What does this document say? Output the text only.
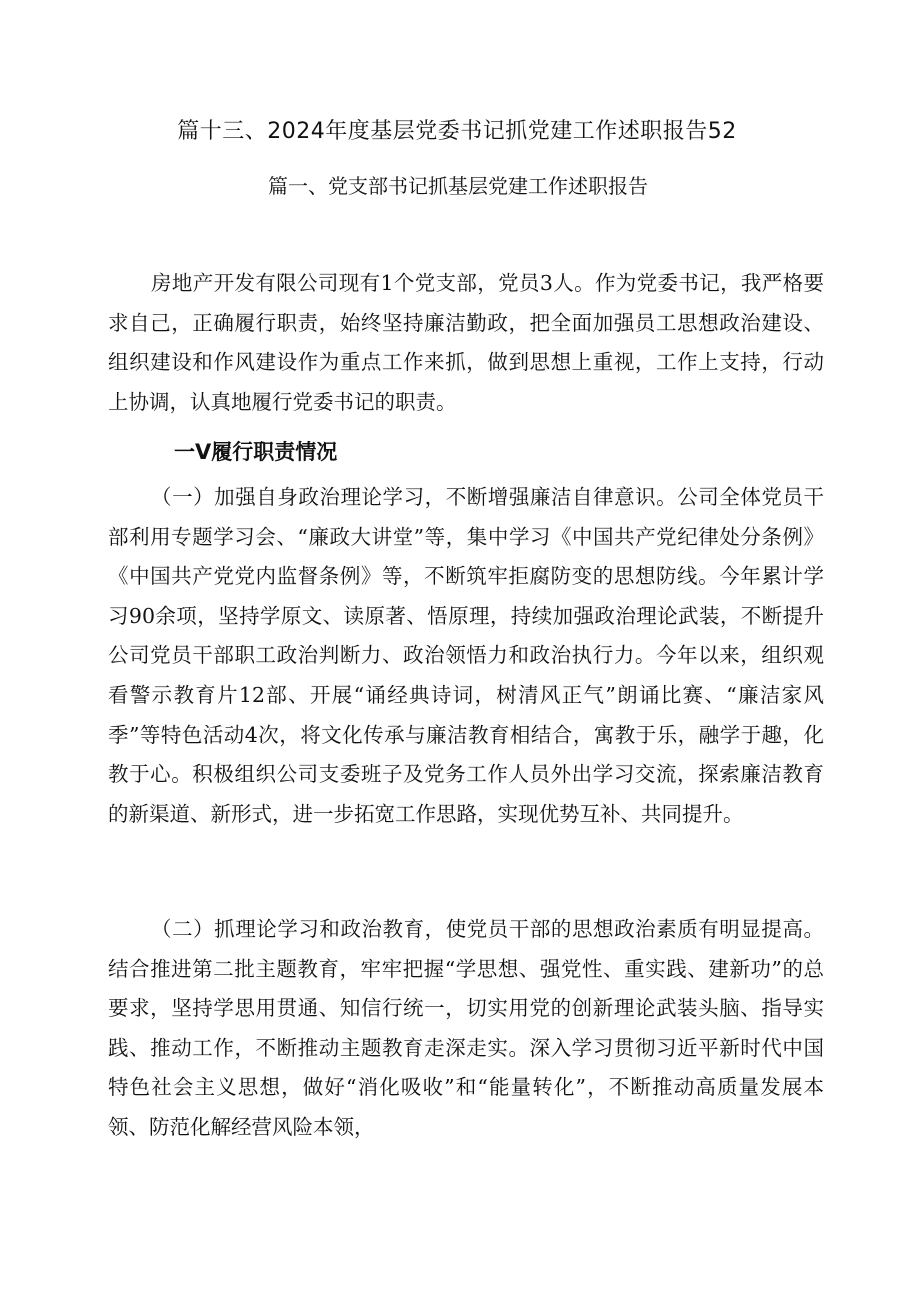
篇十三、2024年度基层党委书记抓党建工作述职报告52
篇一、党支部书记抓基层党建工作述职报告

房地产开发有限公司现有1个党支部，党员3人。作为党委书记，我严格要求自己，正确履行职责，始终坚持廉洁勤政，把全面加强员工思想政治建设、组织建设和作风建设作为重点工作来抓，做到思想上重视，工作上支持，行动上协调，认真地履行党委书记的职责。

一V履行职责情况

（一）加强自身政治理论学习，不断增强廉洁自律意识。公司全体党员干部利用专题学习会、“廉政大讲堂”等，集中学习《中国共产党纪律处分条例》《中国共产党党内监督条例》等，不断筑牢拒腐防变的思想防线。今年累计学习90余项，坚持学原文、读原著、悟原理，持续加强政治理论武装，不断提升公司党员干部职工政治判断力、政治领悟力和政治执行力。今年以来，组织观看警示教育片12部、开展“诵经典诗词，树清风正气”朗诵比赛、“廉洁家风季”等特色活动4次，将文化传承与廉洁教育相结合，寓教于乐，融学于趣，化教于心。积极组织公司支委班子及党务工作人员外出学习交流，探索廉洁教育的新渠道、新形式，进一步拓宽工作思路，实现优势互补、共同提升。

（二）抓理论学习和政治教育，使党员干部的思想政治素质有明显提高。结合推进第二批主题教育，牢牢把握“学思想、强党性、重实践、建新功”的总要求，坚持学思用贯通、知信行统一，切实用党的创新理论武装头脑、指导实践、推动工作，不断推动主题教育走深走实。深入学习贯彻习近平新时代中国特色社会主义思想，做好“消化吸收”和“能量转化”，不断推动高质量发展本领、防范化解经营风险本领，
